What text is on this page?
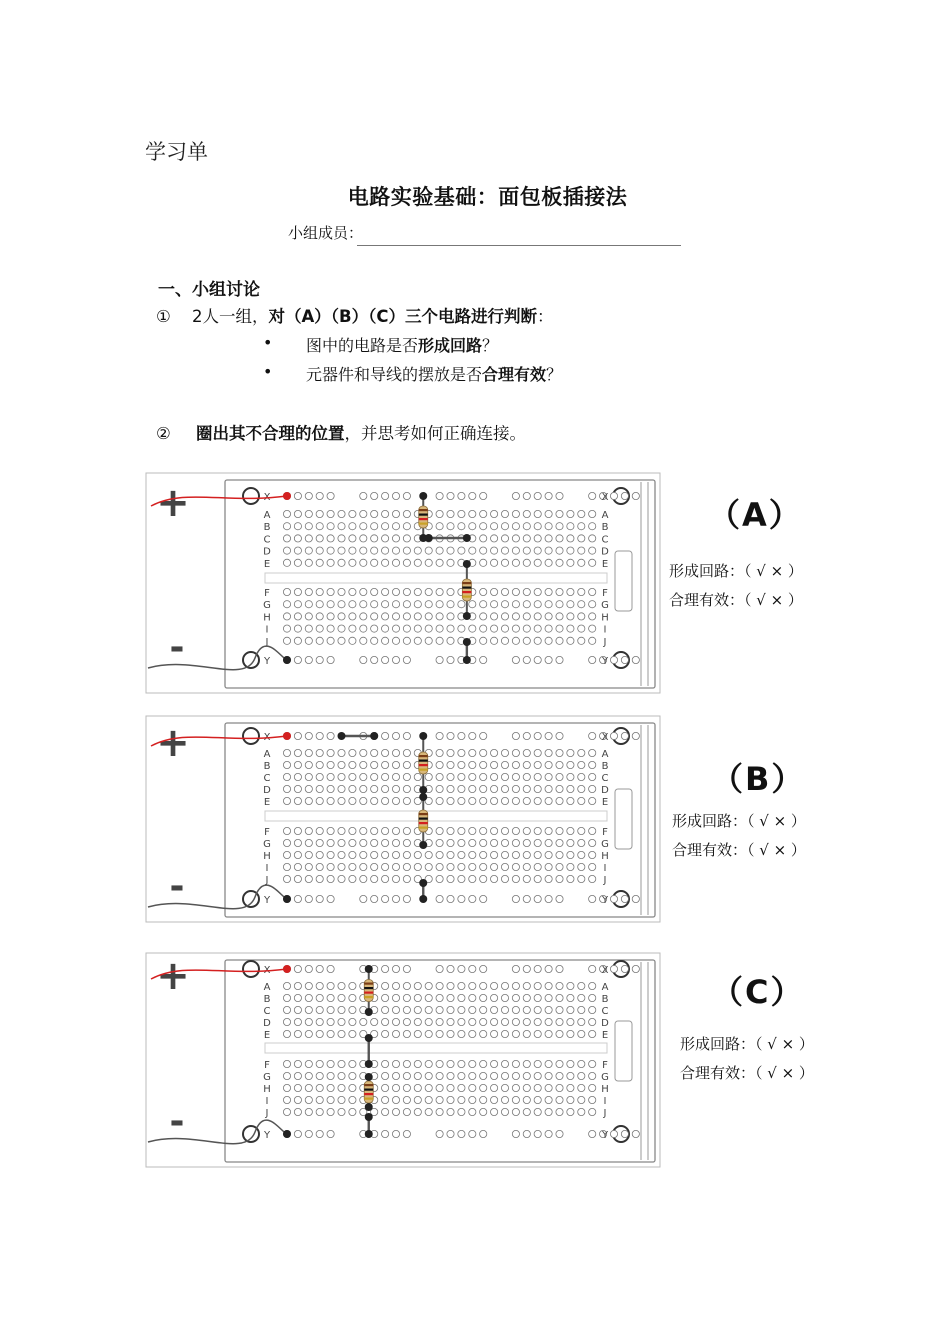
学习单
电路实验基础：面包板插接法
小组成员：
一、小组讨论
① 2人一组，对（A）（B）（C）三个电路进行判断：
• 图中的电路是否形成回路？
• 元器件和导线的摆放是否合理有效？
② 圈出其不合理的位置，并思考如何正确连接。
X	X
A	A
B	B
C	C
D	D
E	E
F	F
G	G
H	H
I	I
J	J
Y	Y
+
-
X	X
A	A
B	B
C	C
D	D
E	E
F	F
G	G
H	H
I	I
J	J
Y	Y
+
-
X	X
A	A
B	B
C	C
D	D
E	E
F	F
G	G
H	H
I	I
J	J
Y	Y
+
-
（A）
形成回路：（ √ × ）
合理有效：（ √ × ）
（B）
形成回路：（ √ × ）
合理有效：（ √ × ）
（C）
形成回路：（ √ × ）
合理有效：（ √ × ）
